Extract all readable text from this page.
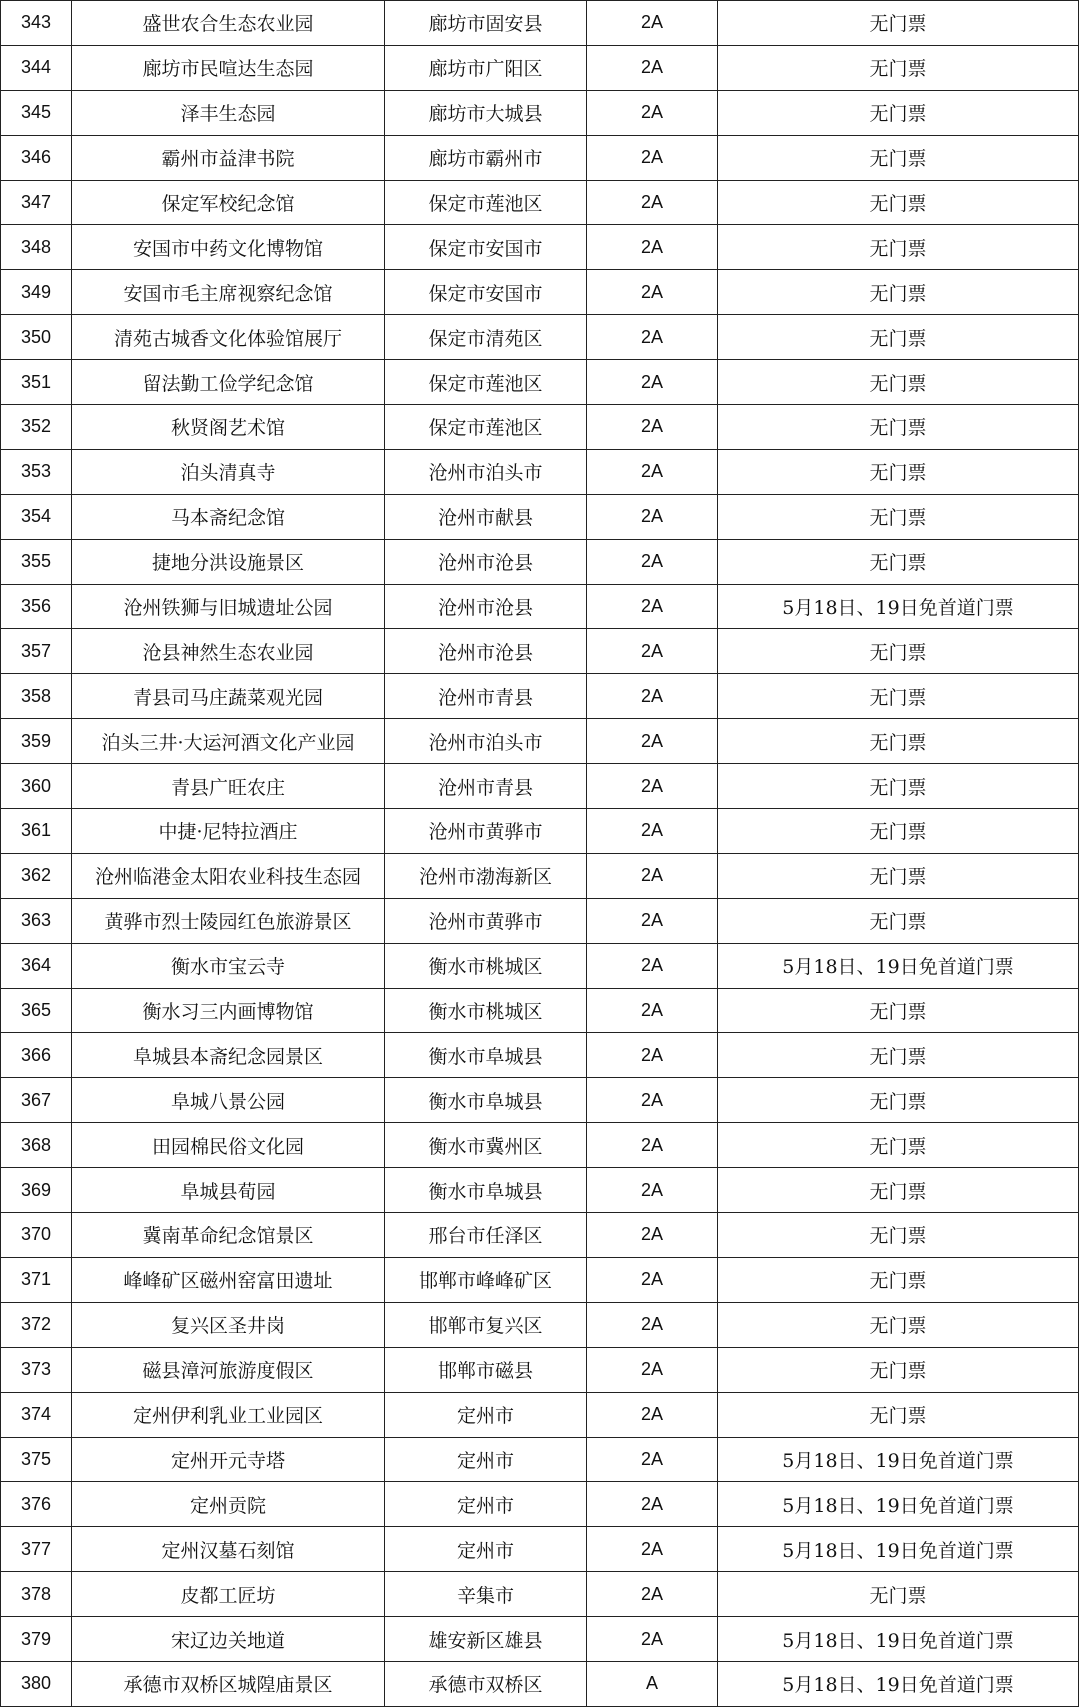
343	盛世农合生态农业园	廊坊市固安县	2A	无门票
344	廊坊市民喧达生态园	廊坊市广阳区	2A	无门票
345	泽丰生态园	廊坊市大城县	2A	无门票
346	霸州市益津书院	廊坊市霸州市	2A	无门票
347	保定军校纪念馆	保定市莲池区	2A	无门票
348	安国市中药文化博物馆	保定市安国市	2A	无门票
349	安国市毛主席视察纪念馆	保定市安国市	2A	无门票
350	清苑古城香文化体验馆展厅	保定市清苑区	2A	无门票
351	留法勤工俭学纪念馆	保定市莲池区	2A	无门票
352	秋贤阁艺术馆	保定市莲池区	2A	无门票
353	泊头清真寺	沧州市泊头市	2A	无门票
354	马本斋纪念馆	沧州市献县	2A	无门票
355	捷地分洪设施景区	沧州市沧县	2A	无门票
356	沧州铁狮与旧城遗址公园	沧州市沧县	2A	5月18日、19日免首道门票
357	沧县神然生态农业园	沧州市沧县	2A	无门票
358	青县司马庄蔬菜观光园	沧州市青县	2A	无门票
359	泊头三井·大运河酒文化产业园	沧州市泊头市	2A	无门票
360	青县广旺农庄	沧州市青县	2A	无门票
361	中捷·尼特拉酒庄	沧州市黄骅市	2A	无门票
362	沧州临港金太阳农业科技生态园	沧州市渤海新区	2A	无门票
363	黄骅市烈士陵园红色旅游景区	沧州市黄骅市	2A	无门票
364	衡水市宝云寺	衡水市桃城区	2A	5月18日、19日免首道门票
365	衡水习三内画博物馆	衡水市桃城区	2A	无门票
366	阜城县本斋纪念园景区	衡水市阜城县	2A	无门票
367	阜城八景公园	衡水市阜城县	2A	无门票
368	田园棉民俗文化园	衡水市冀州区	2A	无门票
369	阜城县荀园	衡水市阜城县	2A	无门票
370	冀南革命纪念馆景区	邢台市任泽区	2A	无门票
371	峰峰矿区磁州窑富田遗址	邯郸市峰峰矿区	2A	无门票
372	复兴区圣井岗	邯郸市复兴区	2A	无门票
373	磁县漳河旅游度假区	邯郸市磁县	2A	无门票
374	定州伊利乳业工业园区	定州市	2A	无门票
375	定州开元寺塔	定州市	2A	5月18日、19日免首道门票
376	定州贡院	定州市	2A	5月18日、19日免首道门票
377	定州汉墓石刻馆	定州市	2A	5月18日、19日免首道门票
378	皮都工匠坊	辛集市	2A	无门票
379	宋辽边关地道	雄安新区雄县	2A	5月18日、19日免首道门票
380	承德市双桥区城隍庙景区	承德市双桥区	A	5月18日、19日免首道门票
